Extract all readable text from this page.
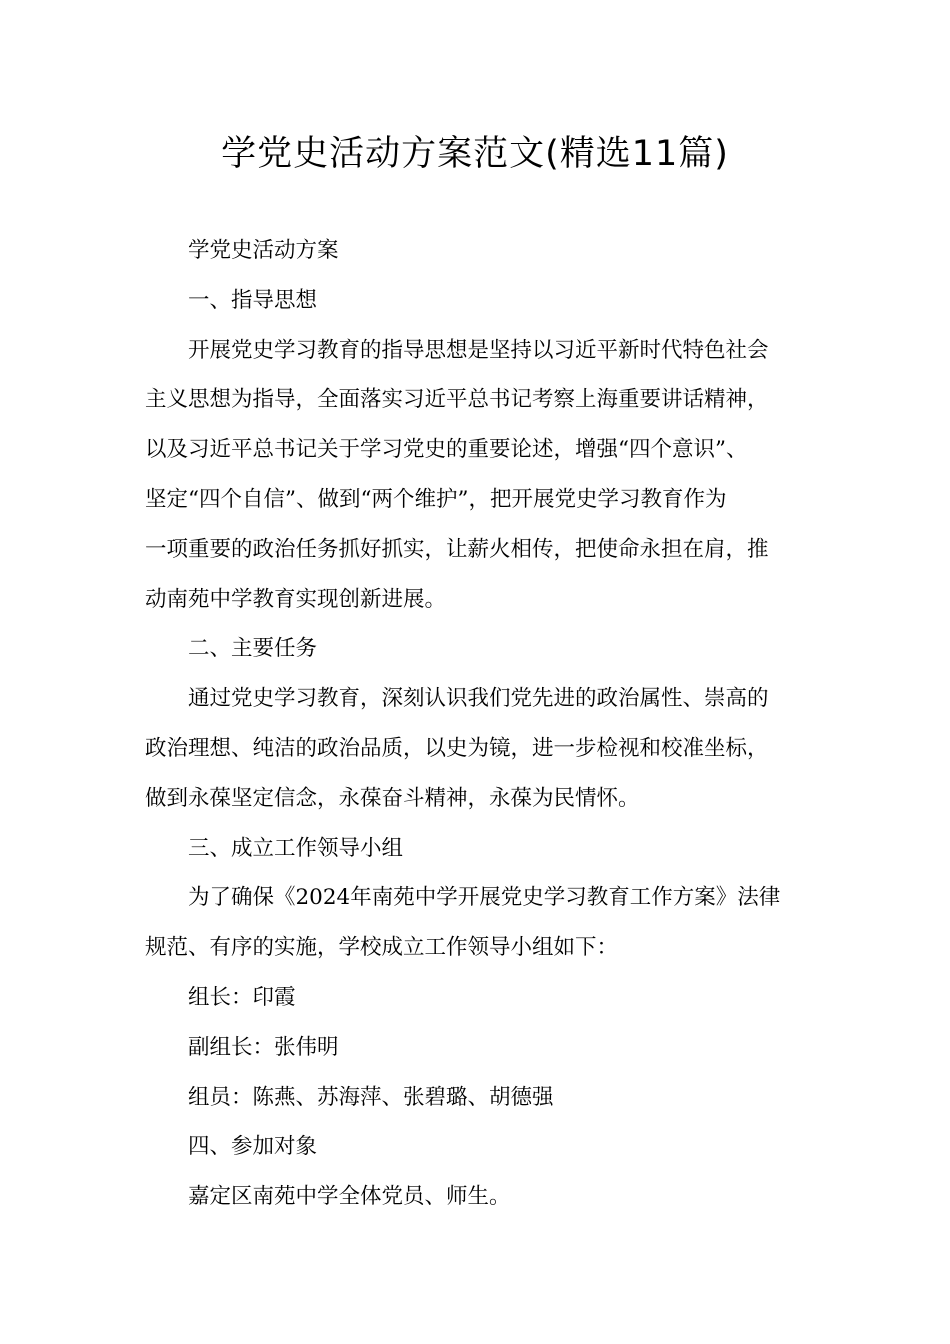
学党史活动方案范文(精选11篇)

学党史活动方案

一、指导思想

开展党史学习教育的指导思想是坚持以习近平新时代特色社会

主义思想为指导，全面落实习近平总书记考察上海重要讲话精神，

以及习近平总书记关于学习党史的重要论述，增强“四个意识”、

坚定“四个自信”、做到“两个维护”，把开展党史学习教育作为

一项重要的政治任务抓好抓实，让薪火相传，把使命永担在肩，推

动南苑中学教育实现创新进展。

二、主要任务

通过党史学习教育，深刻认识我们党先进的政治属性、崇高的

政治理想、纯洁的政治品质，以史为镜，进一步检视和校准坐标，

做到永葆坚定信念，永葆奋斗精神，永葆为民情怀。

三、成立工作领导小组

为了确保《2024年南苑中学开展党史学习教育工作方案》法律

规范、有序的实施，学校成立工作领导小组如下：

组长：印霞

副组长：张伟明

组员：陈燕、苏海萍、张碧璐、胡德强

四、参加对象

嘉定区南苑中学全体党员、师生。
